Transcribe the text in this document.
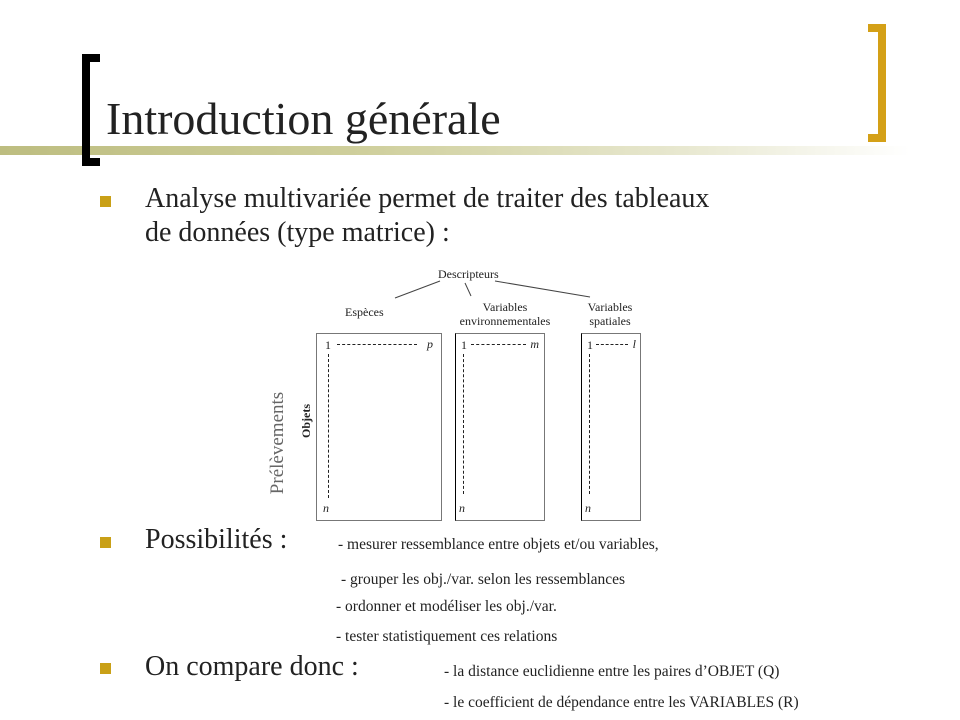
Introduction générale
Analyse multivariée permet de traiter des tableaux
de données (type matrice) :
Descripteurs
Espèces	Variables
environnementales
Variables
spatiales
1	p
n
1	m
n
1	l
n
Prélèvements Objets
Possibilités :	- mesurer ressemblance entre objets et/ou variables,
- grouper les obj./var. selon les ressemblances
- ordonner et modéliser les obj./var.
- tester statistiquement ces relations
On compare donc :	- la distance euclidienne entre les paires d’OBJET (Q)
- le coefficient de dépendance entre les VARIABLES (R)
